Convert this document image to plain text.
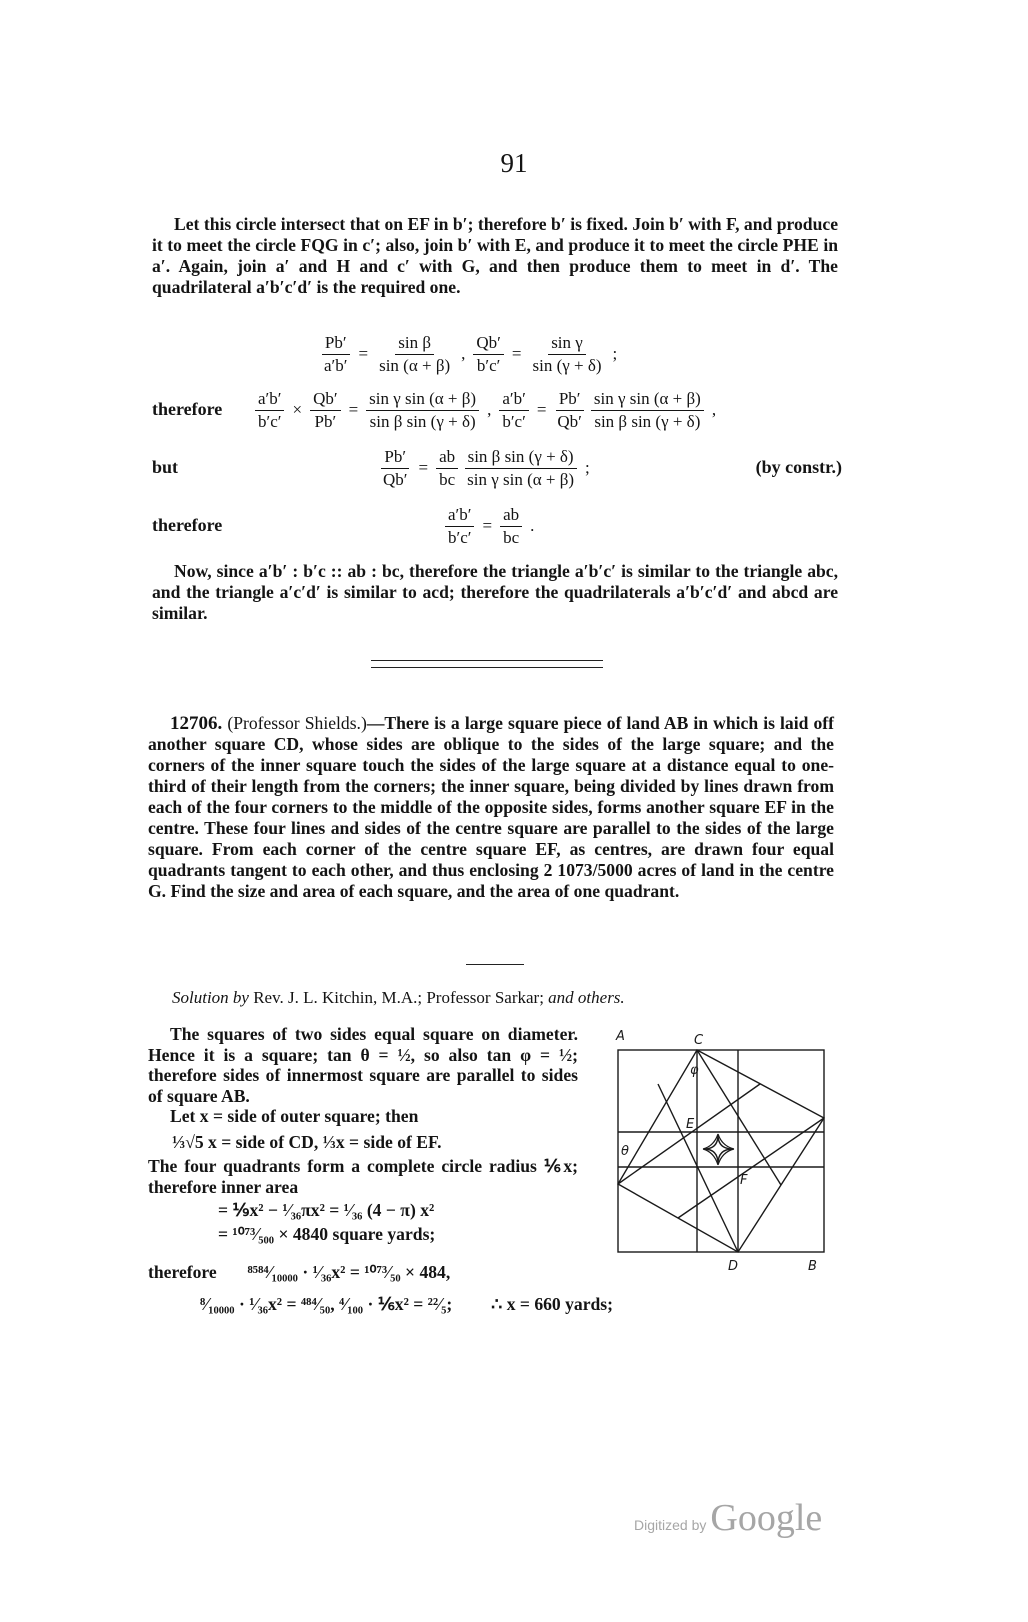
91

Let this circle intersect that on EF in b′; therefore b′ is fixed. Join b′ with F, and produce it to meet the circle FQG in c′; also, join b′ with E, and produce it to meet the circle PHE in a′. Again, join a′ and H and c′ with G, and then produce them to meet in d′. The quadrilateral a′b′c′d′ is the required one.

$\frac{Pb'}{a'b'} = \frac{\text{sin β}}{\sin (\alpha + \beta)}$ , $\frac{Qb'}{b'c'} = \frac{\text{sin γ}}{\sin (\gamma + \delta)}$ ;
therefore $\frac{a'b'}{b'c'} \times \frac{Qb'}{Pb'} = \frac{\text{sin γ sin (α + β)}}{\text{sin β sin (γ + δ)}}$ , $\frac{a'b'}{b'c'} = \frac{Pb'}{Qb'} \frac{\text{sin γ sin (α + β)}}{\text{sin β sin (γ + δ)}}$ ,
but	$\frac{Pb'}{Qb'} = \frac{ab}{bc} \frac{\text{sin β sin (γ + δ)}}{\text{sin γ sin (α + β)}}$ ;	(by constr.)
therefore	$\frac{a'b'}{b'c'} = \frac{ab}{bc}$ .

Now, since a′b′ : b′c :: ab : bc, therefore the triangle a′b′c′ is similar to the triangle abc, and the triangle a′c′d′ is similar to acd; therefore the quadrilaterals a′b′c′d′ and abcd are similar.

12706. (Professor Shields.)—There is a large square piece of land AB in which is laid off another square CD, whose sides are oblique to the sides of the large square; and the corners of the inner square touch the sides of the large square at a distance equal to one-third of their length from the corners; the inner square, being divided by lines drawn from each of the four corners to the middle of the opposite sides, forms another square EF in the centre. These four lines and sides of the centre square are parallel to the sides of the large square. From each corner of the centre square EF, as centres, are drawn four equal quadrants tangent to each other, and thus enclosing 2 1073/5000 acres of land in the centre G. Find the size and area of each square, and the area of one quadrant.
Solution by Rev. J. L. Kitchin, M.A.; Professor Sarkar; and others.

The squares of two sides equal square on diameter. Hence it is a square; tan θ = ½, so also tan φ = ½; therefore sides of innermost square are parallel to sides of square AB.

Let x = side of outer square; then

⅓√5 x = side of CD, ⅓x = side of EF.

The four quadrants form a complete circle radius ⅙x; therefore inner area

= ⅑x² − ¹⁄₃₆πx² = ¹⁄₃₆ (4 − π) x²

= ¹⁰⁷³⁄₅₀₀ × 4840 square yards;

therefore ⁸⁵⁸⁴⁄₁₀₀₀₀ · ¹⁄₃₆x² = ¹⁰⁷³⁄₅₀ × 484,
⁸⁄₁₀₀₀₀ · ¹⁄₃₆x² = ⁴⁸⁴⁄₅₀, ⁴⁄₁₀₀ · ⅙x² = ²²⁄₅; ∴ x = 660 yards;
A	C
D	B
E
F
θ
φ
Digitized by Google
